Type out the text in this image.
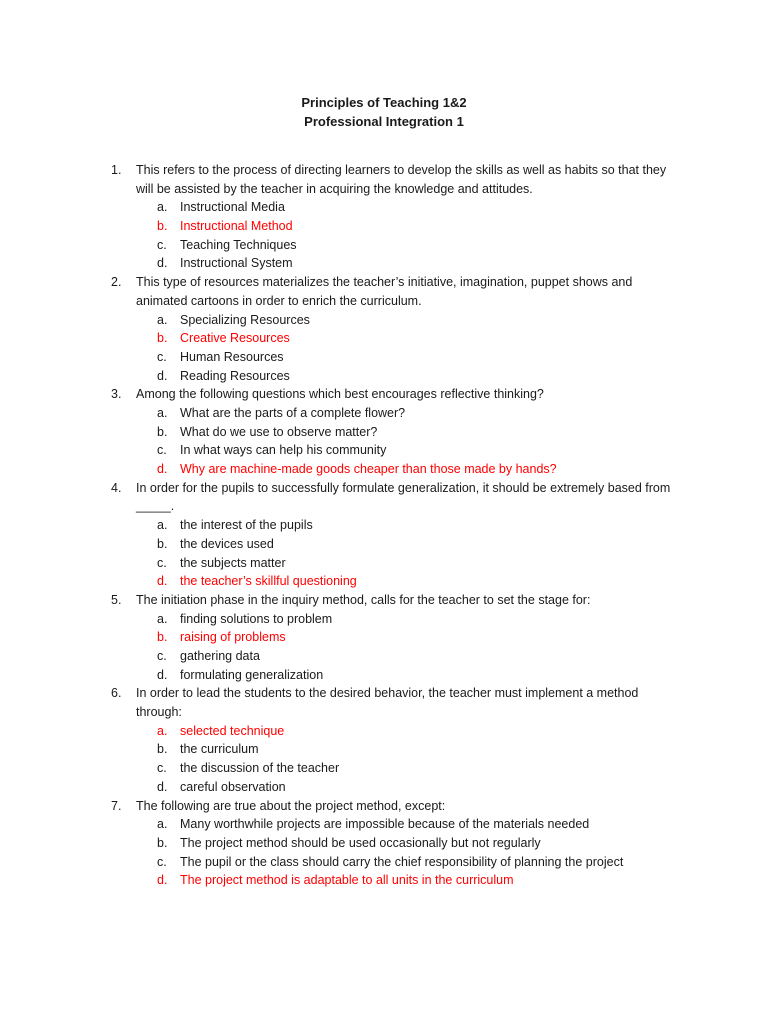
Principles of Teaching 1&2
Professional Integration 1
1. This refers to the process of directing learners to develop the skills as well as habits so that they will be assisted by the teacher in acquiring the knowledge and attitudes.
a. Instructional Media
b. Instructional Method
c. Teaching Techniques
d. Instructional System
2. This type of resources materializes the teacher’s initiative, imagination, puppet shows and animated cartoons in order to enrich the curriculum.
a. Specializing Resources
b. Creative Resources
c. Human Resources
d. Reading Resources
3. Among the following questions which best encourages reflective thinking?
a. What are the parts of a complete flower?
b. What do we use to observe matter?
c. In what ways can help his community
d. Why are machine-made goods cheaper than those made by hands?
4. In order for the pupils to successfully formulate generalization, it should be extremely based from _____.
a. the interest of the pupils
b. the devices used
c. the subjects matter
d. the teacher’s skillful questioning
5. The initiation phase in the inquiry method, calls for the teacher to set the stage for:
a. finding solutions to problem
b. raising of problems
c. gathering data
d. formulating generalization
6. In order to lead the students to the desired behavior, the teacher must implement a method through:
a. selected technique
b. the curriculum
c. the discussion of the teacher
d. careful observation
7. The following are true about the project method, except:
a. Many worthwhile projects are impossible because of the materials needed
b. The project method should be used occasionally but not regularly
c. The pupil or the class should carry the chief responsibility of planning the project
d. The project method is adaptable to all units in the curriculum
